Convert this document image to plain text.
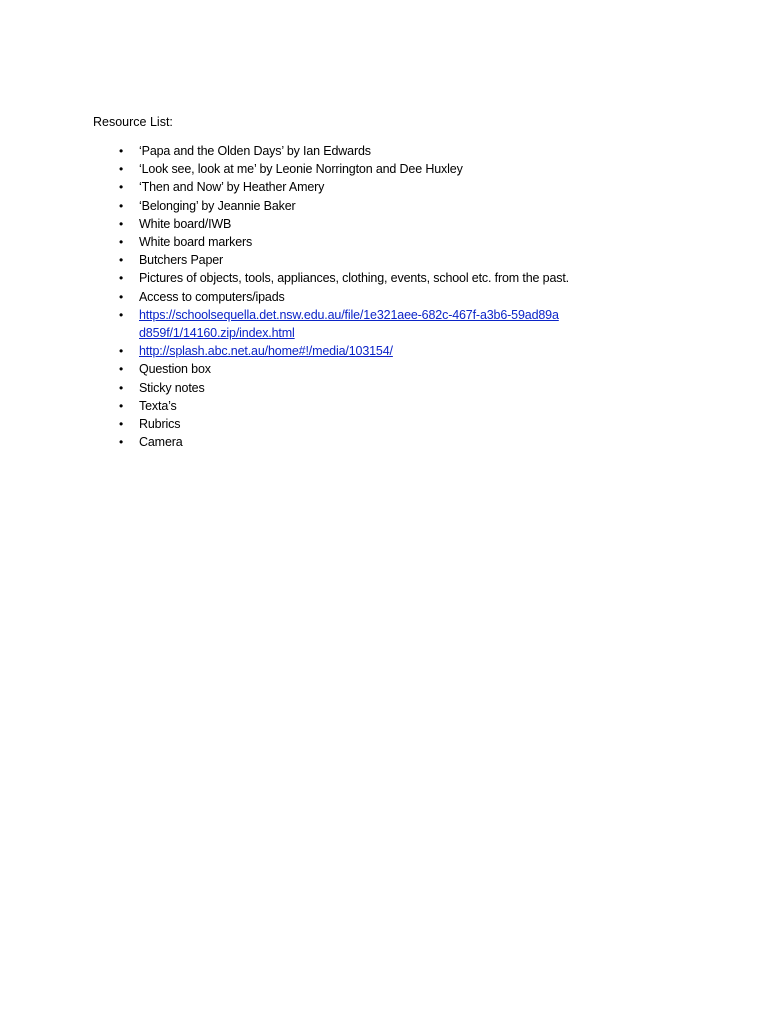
Resource List:
• ‘Papa and the Olden Days’ by Ian Edwards
• ‘Look see, look at me’ by Leonie Norrington and Dee Huxley
• ‘Then and Now’ by Heather Amery
• ‘Belonging’ by Jeannie Baker
• White board/IWB
• White board markers
• Butchers Paper
• Pictures of objects, tools, appliances, clothing, events, school etc. from the past.
• Access to computers/ipads
• https://schoolsequella.det.nsw.edu.au/file/1e321aee-682c-467f-a3b6-59ad89ad859f/1/14160.zip/index.html
• http://splash.abc.net.au/home#!/media/103154/
• Question box
• Sticky notes
• Texta’s
• Rubrics
• Camera
